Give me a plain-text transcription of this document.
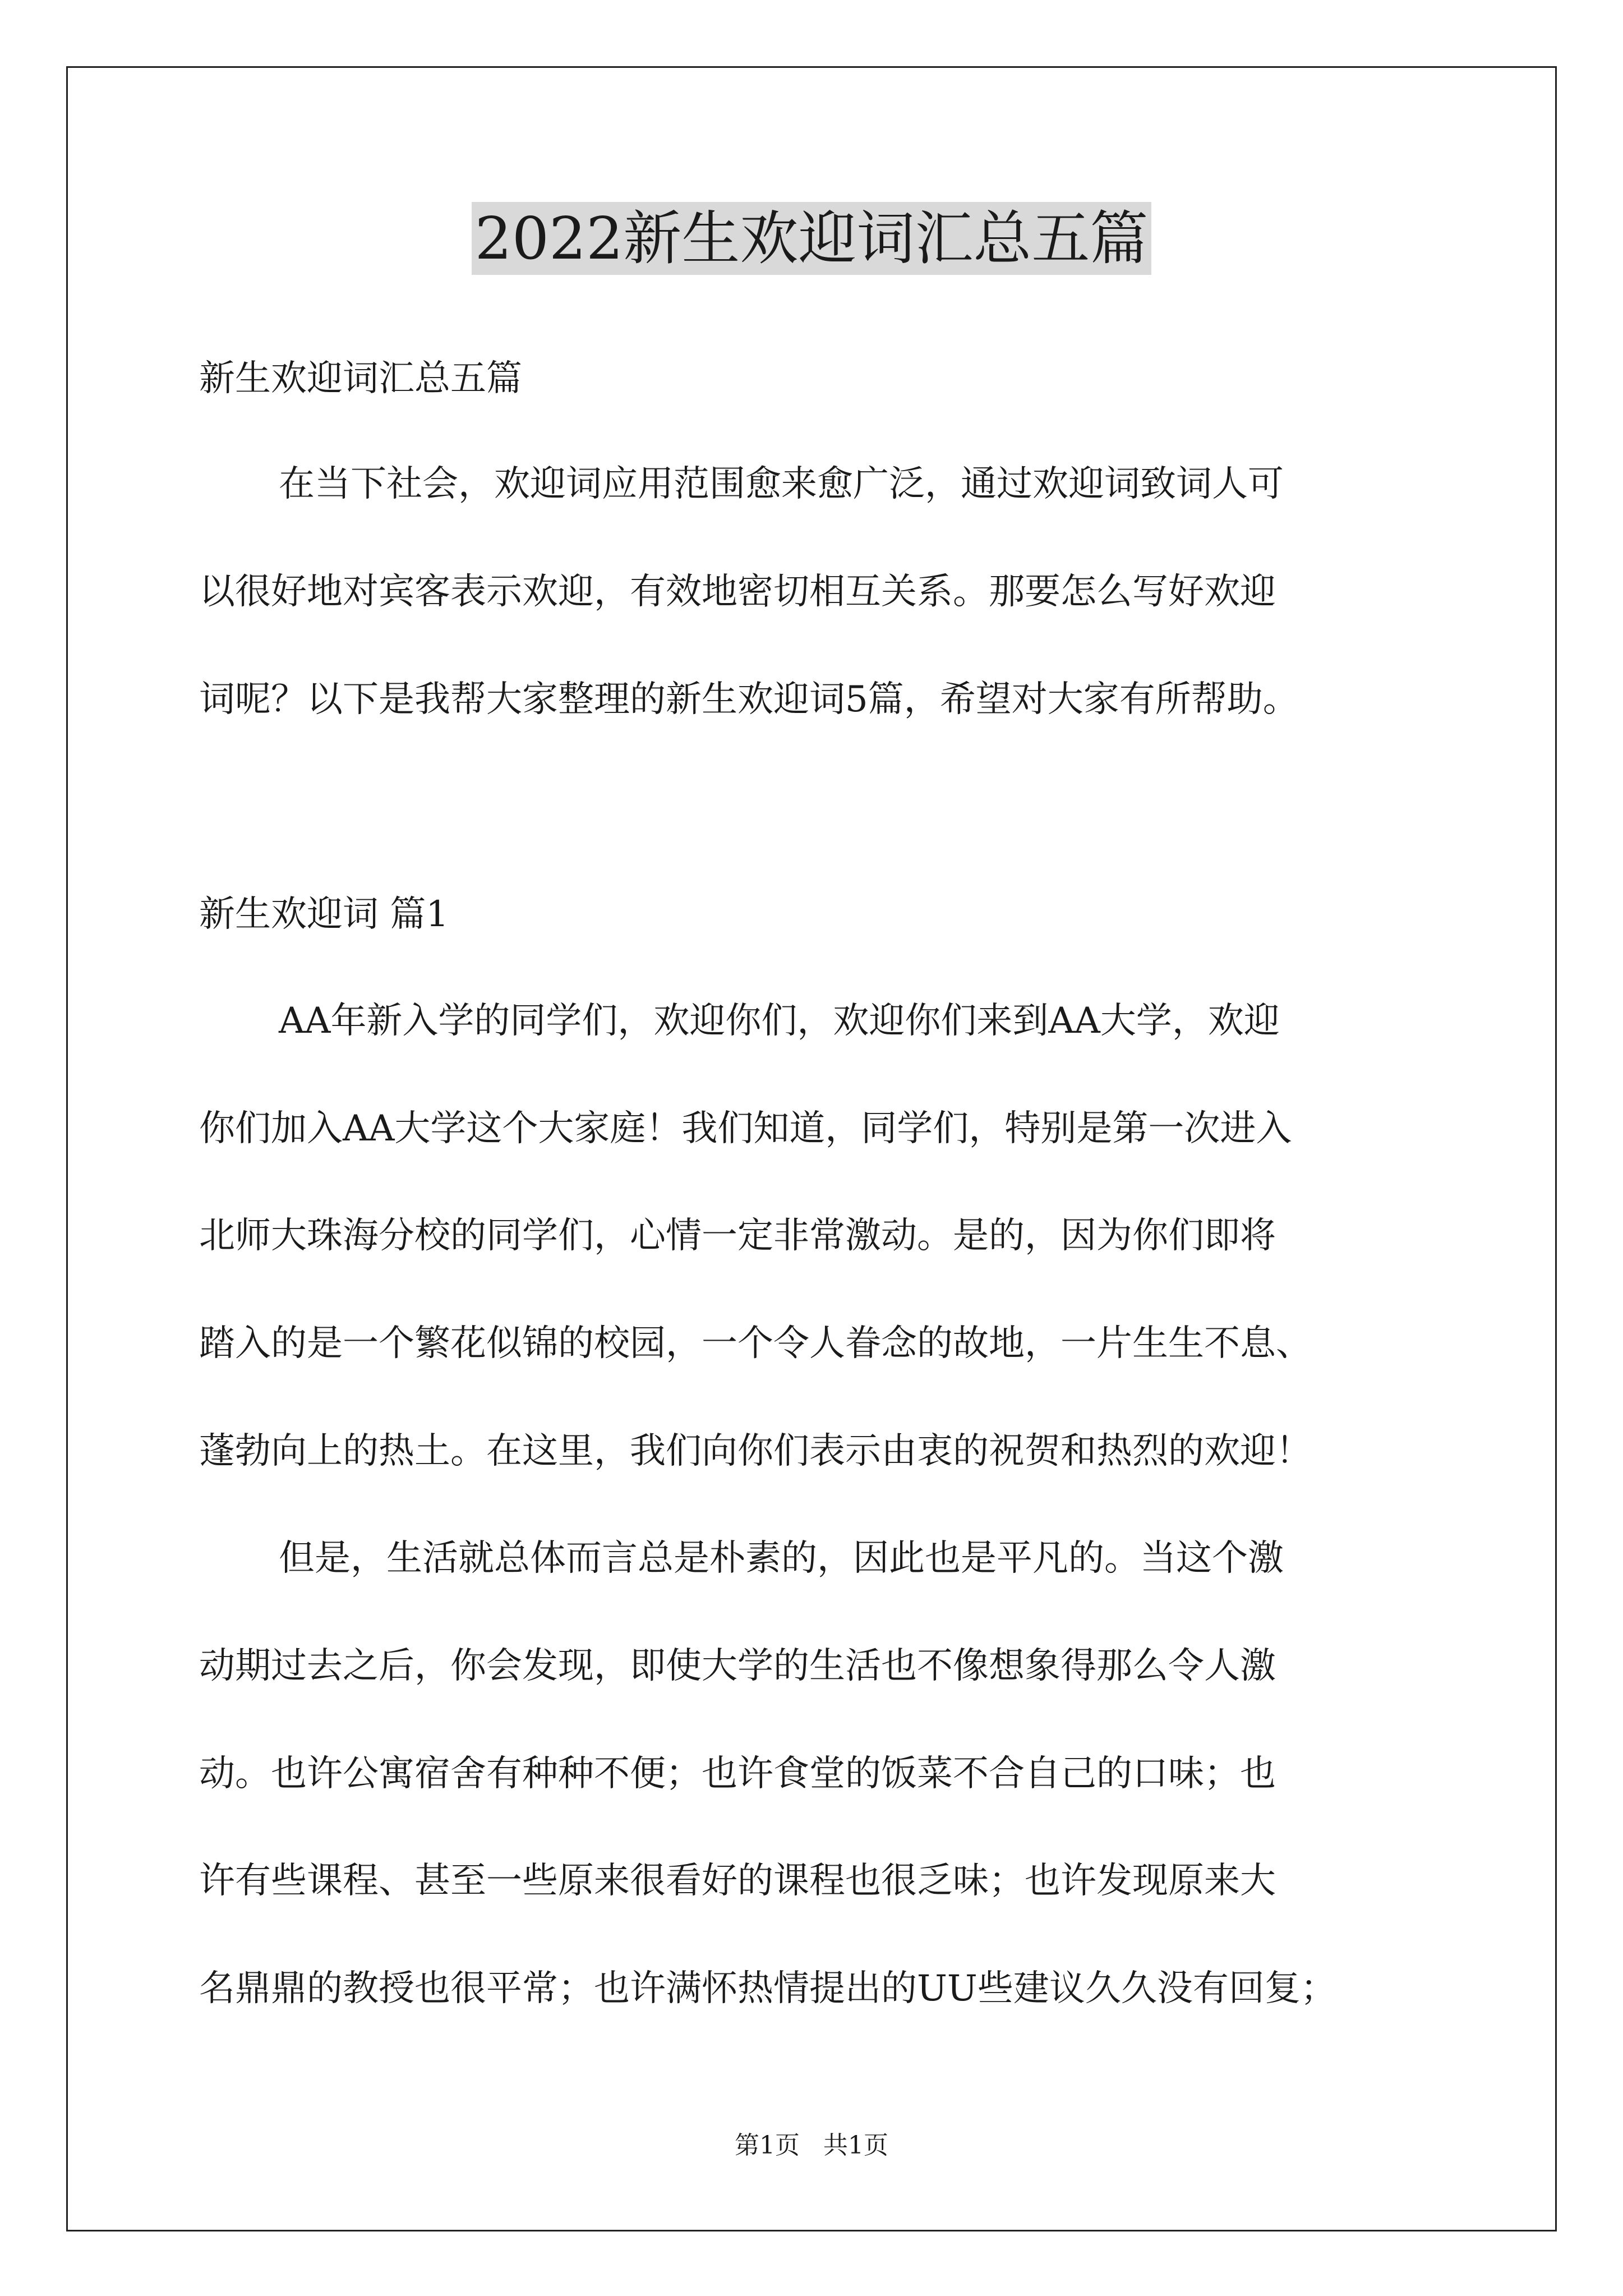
2022新生欢迎词汇总五篇
新生欢迎词汇总五篇
在当下社会，欢迎词应用范围愈来愈广泛，通过欢迎词致词人可
以很好地对宾客表示欢迎，有效地密切相互关系。那要怎么写好欢迎
词呢？以下是我帮大家整理的新生欢迎词5篇，希望对大家有所帮助。
新生欢迎词 篇1
AA年新入学的同学们，欢迎你们，欢迎你们来到AA大学，欢迎
你们加入AA大学这个大家庭！我们知道，同学们，特别是第一次进入
北师大珠海分校的同学们，心情一定非常激动。是的，因为你们即将
踏入的是一个繁花似锦的校园，一个令人眷念的故地，一片生生不息、
蓬勃向上的热土。在这里，我们向你们表示由衷的祝贺和热烈的欢迎！
但是，生活就总体而言总是朴素的，因此也是平凡的。当这个激
动期过去之后，你会发现，即使大学的生活也不像想象得那么令人激
动。也许公寓宿舍有种种不便；也许食堂的饭菜不合自己的口味；也
许有些课程、甚至一些原来很看好的课程也很乏味；也许发现原来大
名鼎鼎的教授也很平常；也许满怀热情提出的UU些建议久久没有回复；
第1页   共1页
